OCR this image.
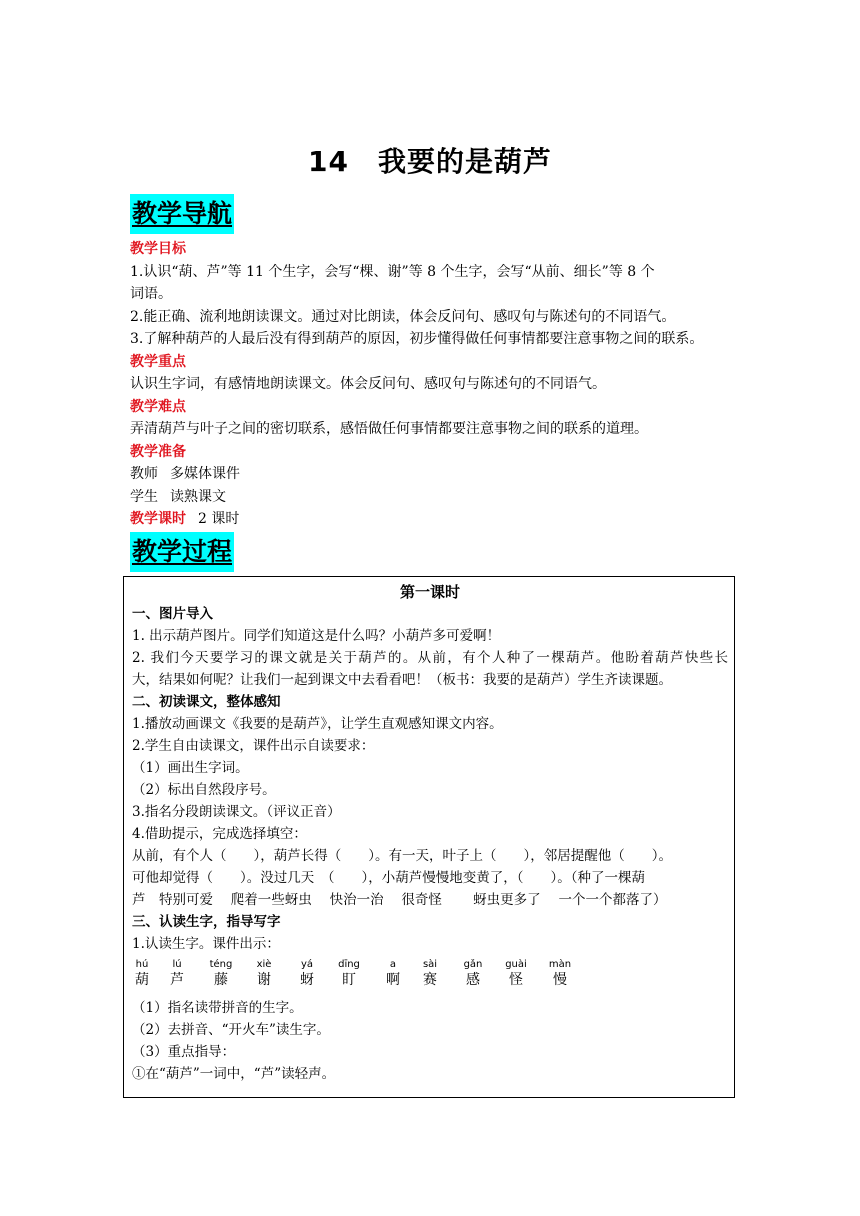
14　我要的是葫芦
教学导航
教学目标
1.认识“葫、芦”等 11 个生字，会写“棵、谢”等 8 个生字，会写“从前、细长”等 8 个
词语。
2.能正确、流利地朗读课文。通过对比朗读，体会反问句、感叹句与陈述句的不同语气。
3.了解种葫芦的人最后没有得到葫芦的原因，初步懂得做任何事情都要注意事物之间的联系。
教学重点
认识生字词，有感情地朗读课文。体会反问句、感叹句与陈述句的不同语气。
教学难点
弄清葫芦与叶子之间的密切联系，感悟做任何事情都要注意事物之间的联系的道理。
教学准备
教师 多媒体课件
学生 读熟课文
教学课时 2 课时
教学过程
第一课时
一、图片导入
1. 出示葫芦图片。同学们知道这是什么吗？小葫芦多可爱啊！
2. 我们今天要学习的课文就是关于葫芦的。从前，有个人种了一棵葫芦。他盼着葫芦快些长
大，结果如何呢？让我们一起到课文中去看看吧！（板书：我要的是葫芦）学生齐读课题。
二、初读课文，整体感知
1.播放动画课文《我要的是葫芦》，让学生直观感知课文内容。
2.学生自由读课文，课件出示自读要求：
（1）画出生字词。
（2）标出自然段序号。
3.指名分段朗读课文。（评议正音）
4.借助提示，完成选择填空：
从前，有个人（　　），葫芦长得（　　）。有一天，叶子上（　　），邻居提醒他（　　）。
可他却觉得（　　）。没过几天　（　　），小葫芦慢慢地变黄了，（　　）。（种了一棵葫
芦　特别可爱　 爬着一些蚜虫　 快治一治　 很奇怪　　 蚜虫更多了　 一个一个都落了）
三、认读生字，指导写字
1.认读生字。课件出示：
hú
葫
lú
芦
téng
藤
xiè
谢
yá
蚜
dīng
盯
a
啊
sài
赛
gǎn
感
guài
怪
màn
慢
（1）指名读带拼音的生字。
（2）去拼音、“开火车”读生字。
（3）重点指导：
①在“葫芦”一词中，“芦”读轻声。
